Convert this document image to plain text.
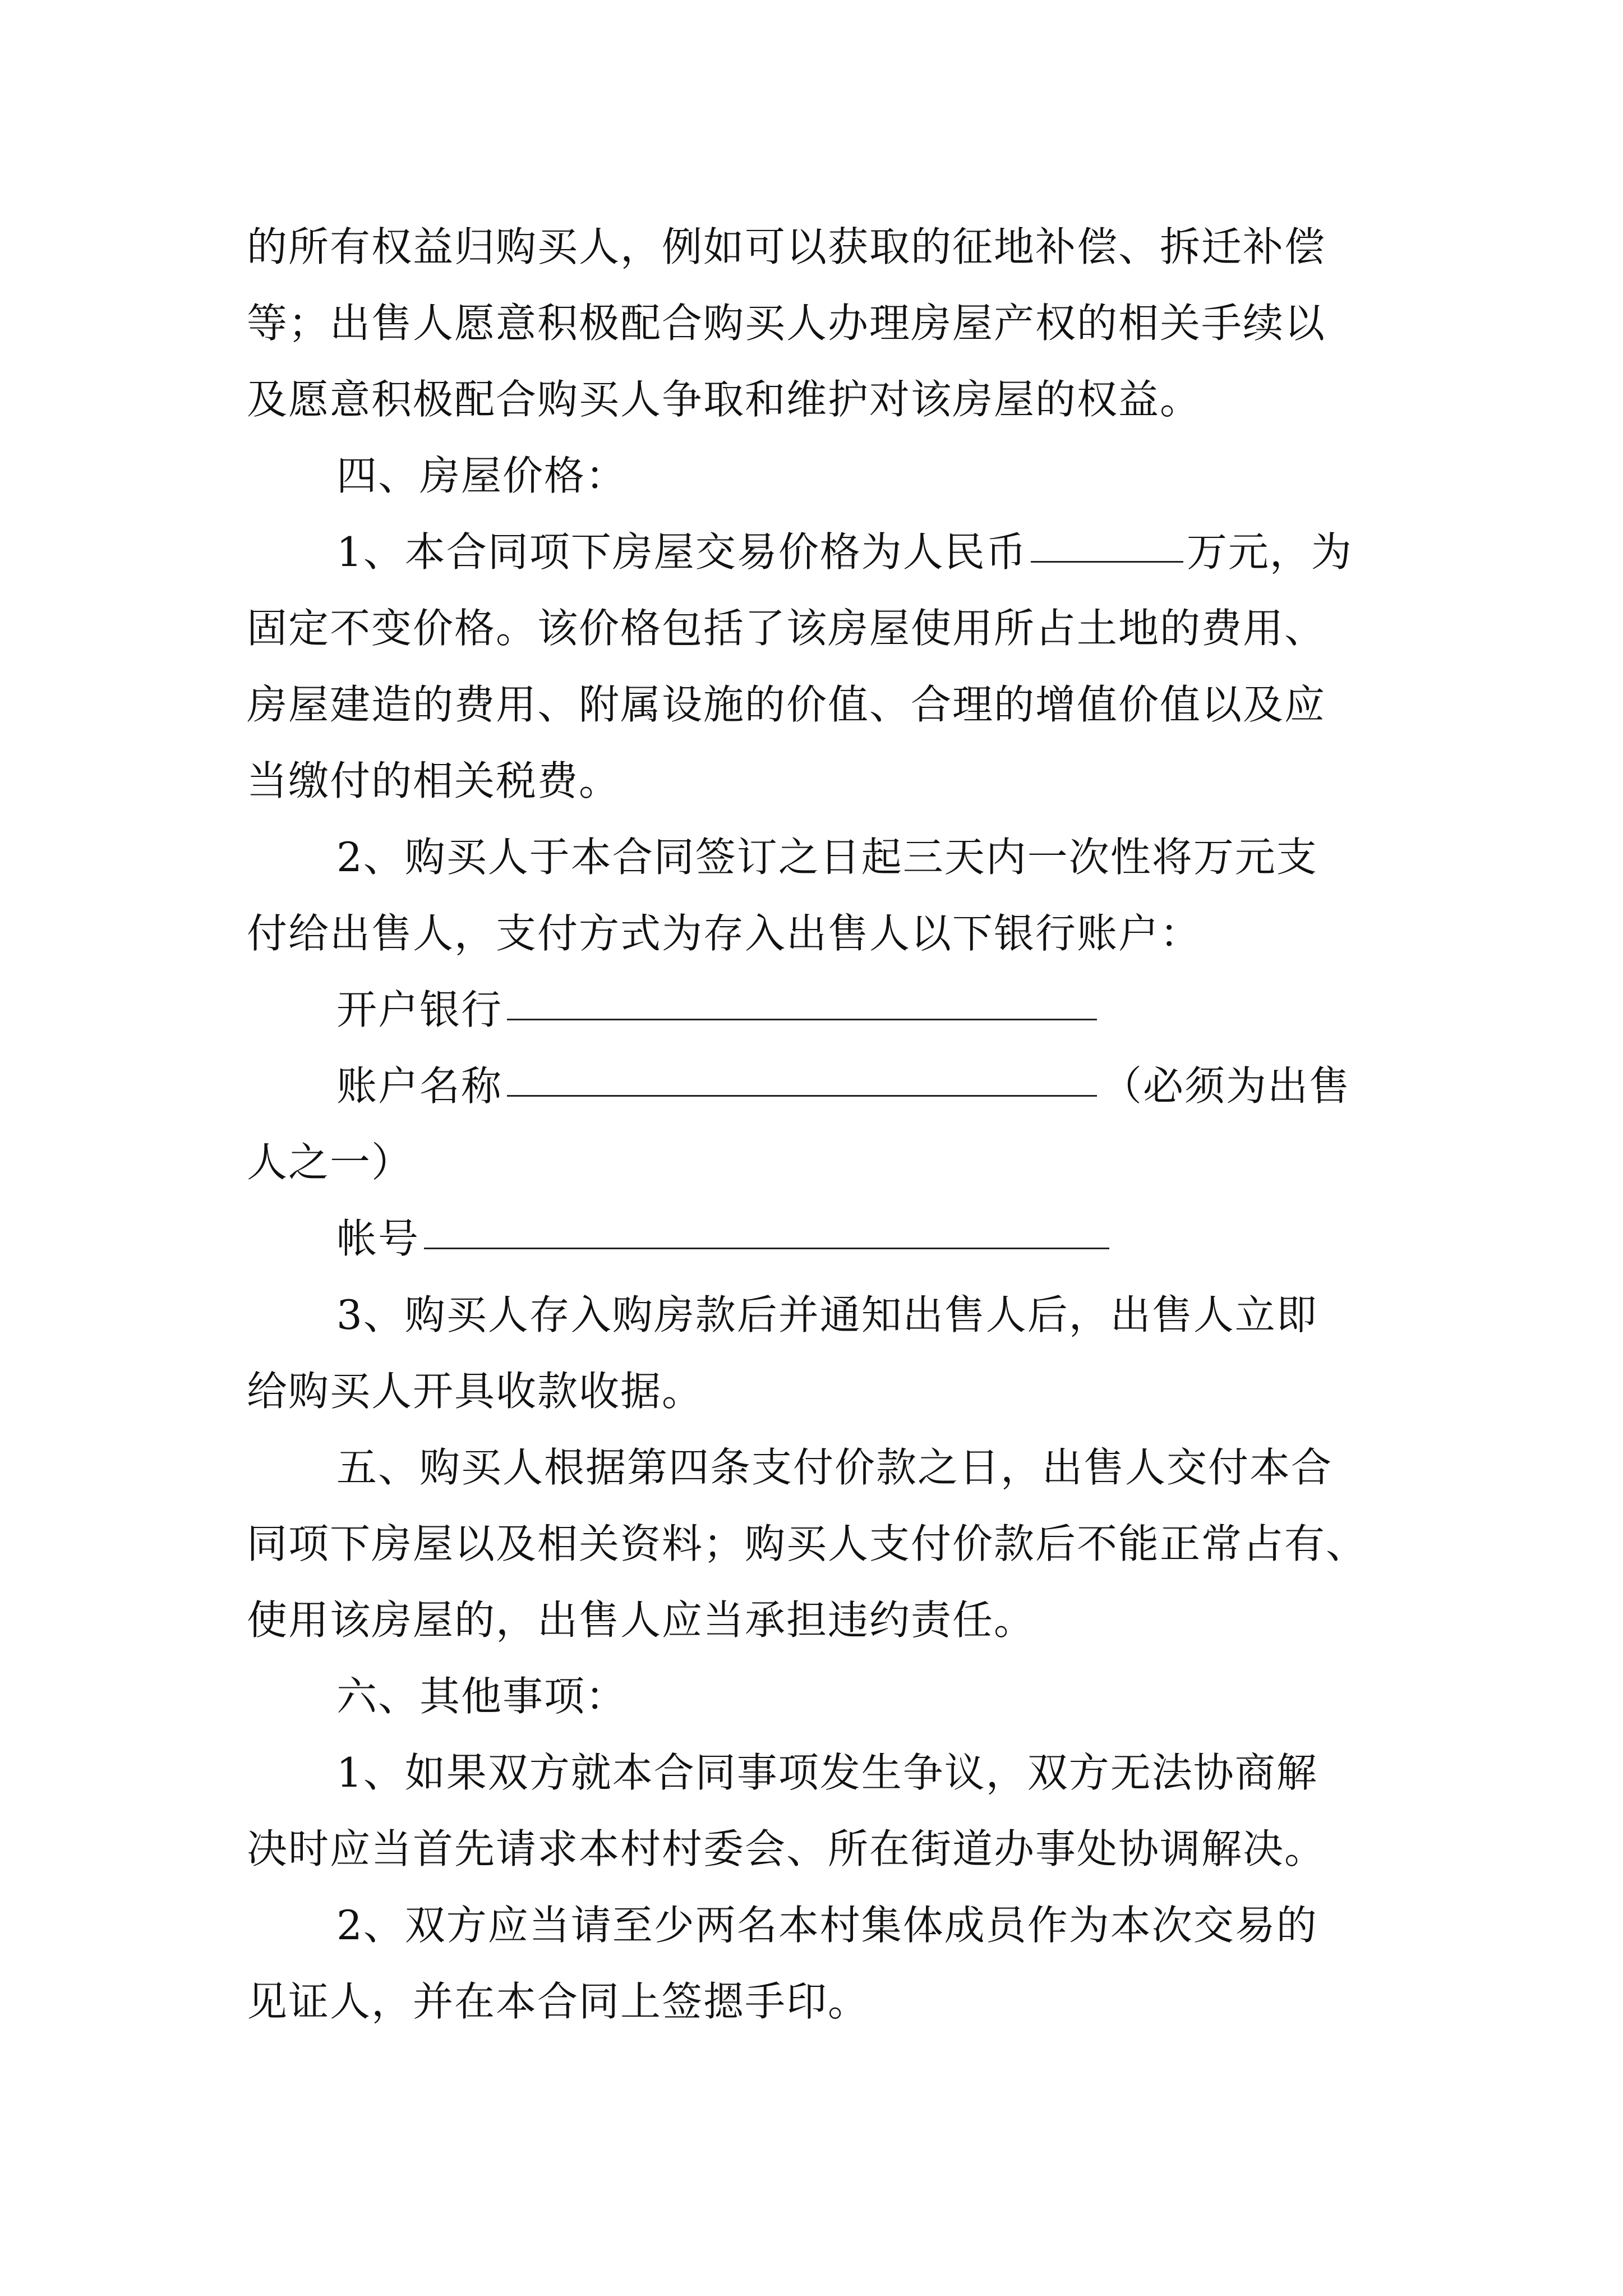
的所有权益归购买人，例如可以获取的征地补偿、拆迁补偿
等；出售人愿意积极配合购买人办理房屋产权的相关手续以
及愿意积极配合购买人争取和维护对该房屋的权益。
四、房屋价格：
1、本合同项下房屋交易价格为人民币	万元，为
固定不变价格。该价格包括了该房屋使用所占土地的费用、
房屋建造的费用、附属设施的价值、合理的增值价值以及应
当缴付的相关税费。
2、购买人于本合同签订之日起三天内一次性将万元支
付给出售人，支付方式为存入出售人以下银行账户：
开户银行
账户名称	（必须为出售
人之一）
帐号
3、购买人存入购房款后并通知出售人后，出售人立即
给购买人开具收款收据。
五、购买人根据第四条支付价款之日，出售人交付本合
同项下房屋以及相关资料；购买人支付价款后不能正常占有、
使用该房屋的，出售人应当承担违约责任。
六、其他事项：
1、如果双方就本合同事项发生争议，双方无法协商解
决时应当首先请求本村村委会、所在街道办事处协调解决。
2、双方应当请至少两名本村集体成员作为本次交易的
见证人，并在本合同上签摁手印。
